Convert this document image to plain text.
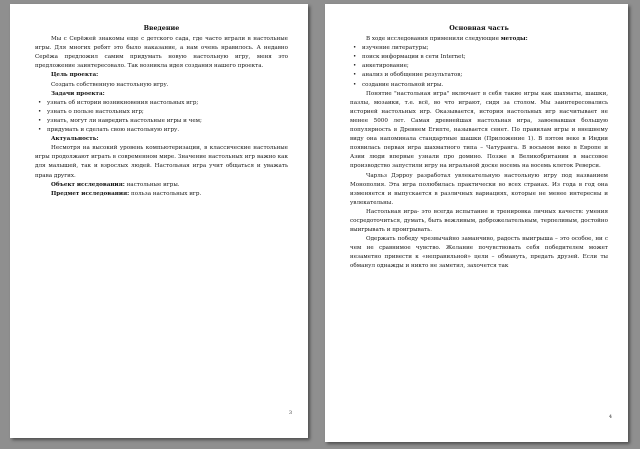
Введение

Мы с Серёжей знакомы еще с детского сада, где часто играли в настольные игры. Для многих ребят это было наказание, а нам очень нравилось. А недавно Серёжа предложил самим придумать новую настольную игру, меня это предложение заинтересовало. Так возникла идея создания нашего проекта.

Цель проекта:

Создать собственную настольную игру.

Задачи проекта:

• узнать об истории возникновения настольных игр;
• узнать о пользе настольных игр;
• узнать, могут ли навредить настольные игры и чем;
• придумать и сделать свою настольную игру.

Актуальность:

Несмотря на высокий уровень компьютеризации, в классические настольные игры продолжают играть в современном мире. Значение настольных игр важно как для малышей, так и взрослых людей. Настольная игра учит общаться и уважать права других.

Объект исследования: настольные игры.

Предмет исследования: польза настольных игр.

3
Основная часть

В ходе исследования применили следующие методы:

• изучение литературы;
• поиск информации в сети Internet;
• анкетирование;
• анализ и обобщение результатов;
• создание настольной игры.

Понятие "настольная игра" включает в себя такие игры как шахматы, шашки, пазлы, мозаики, т.е. всё, во что играют, сидя за столом. Мы заинтересовались историей настольных игр. Оказывается, история настольных игр насчитывает не менее 5000 лет. Самая древнейшая настольная игра, завоевавшая большую популярность в Древнем Египте, называется сенет. По правилам игры и внешнему виду она напоминала стандартные шашки (Приложение 1). В пятом веке в Индии появилась первая игра шахматного типа – Чатуранга. В восьмом веке в Европе и Азии люди впервые узнали про домино. Позже в Великобритании в массовое производство запустили игру на игральной доске восемь на восемь клеток Реверси.

Чарльз Дэрроу разработал увлекательную настольную игру под названием Монополия. Эта игра полюбилась практически во всех странах. Из года в год она изменяется и выпускается в различных вариациях, которые не менее интересны и увлекательны.

Настольная игра- это всегда испытание и тренировка личных качеств: умения сосредоточиться, думать, быть вежливым, доброжелательным, терпеливым, достойно выигрывать и проигрывать.

Одержать победу чрезвычайно заманчиво, радость выигрыша – это особое, ни с чем не сравнимое чувство. Желание почувствовать себя победителем может незаметно привести к «неправильной» цели – обмануть, предать друзей. Если ты обманул однажды и никто не заметил, захочется так

4
